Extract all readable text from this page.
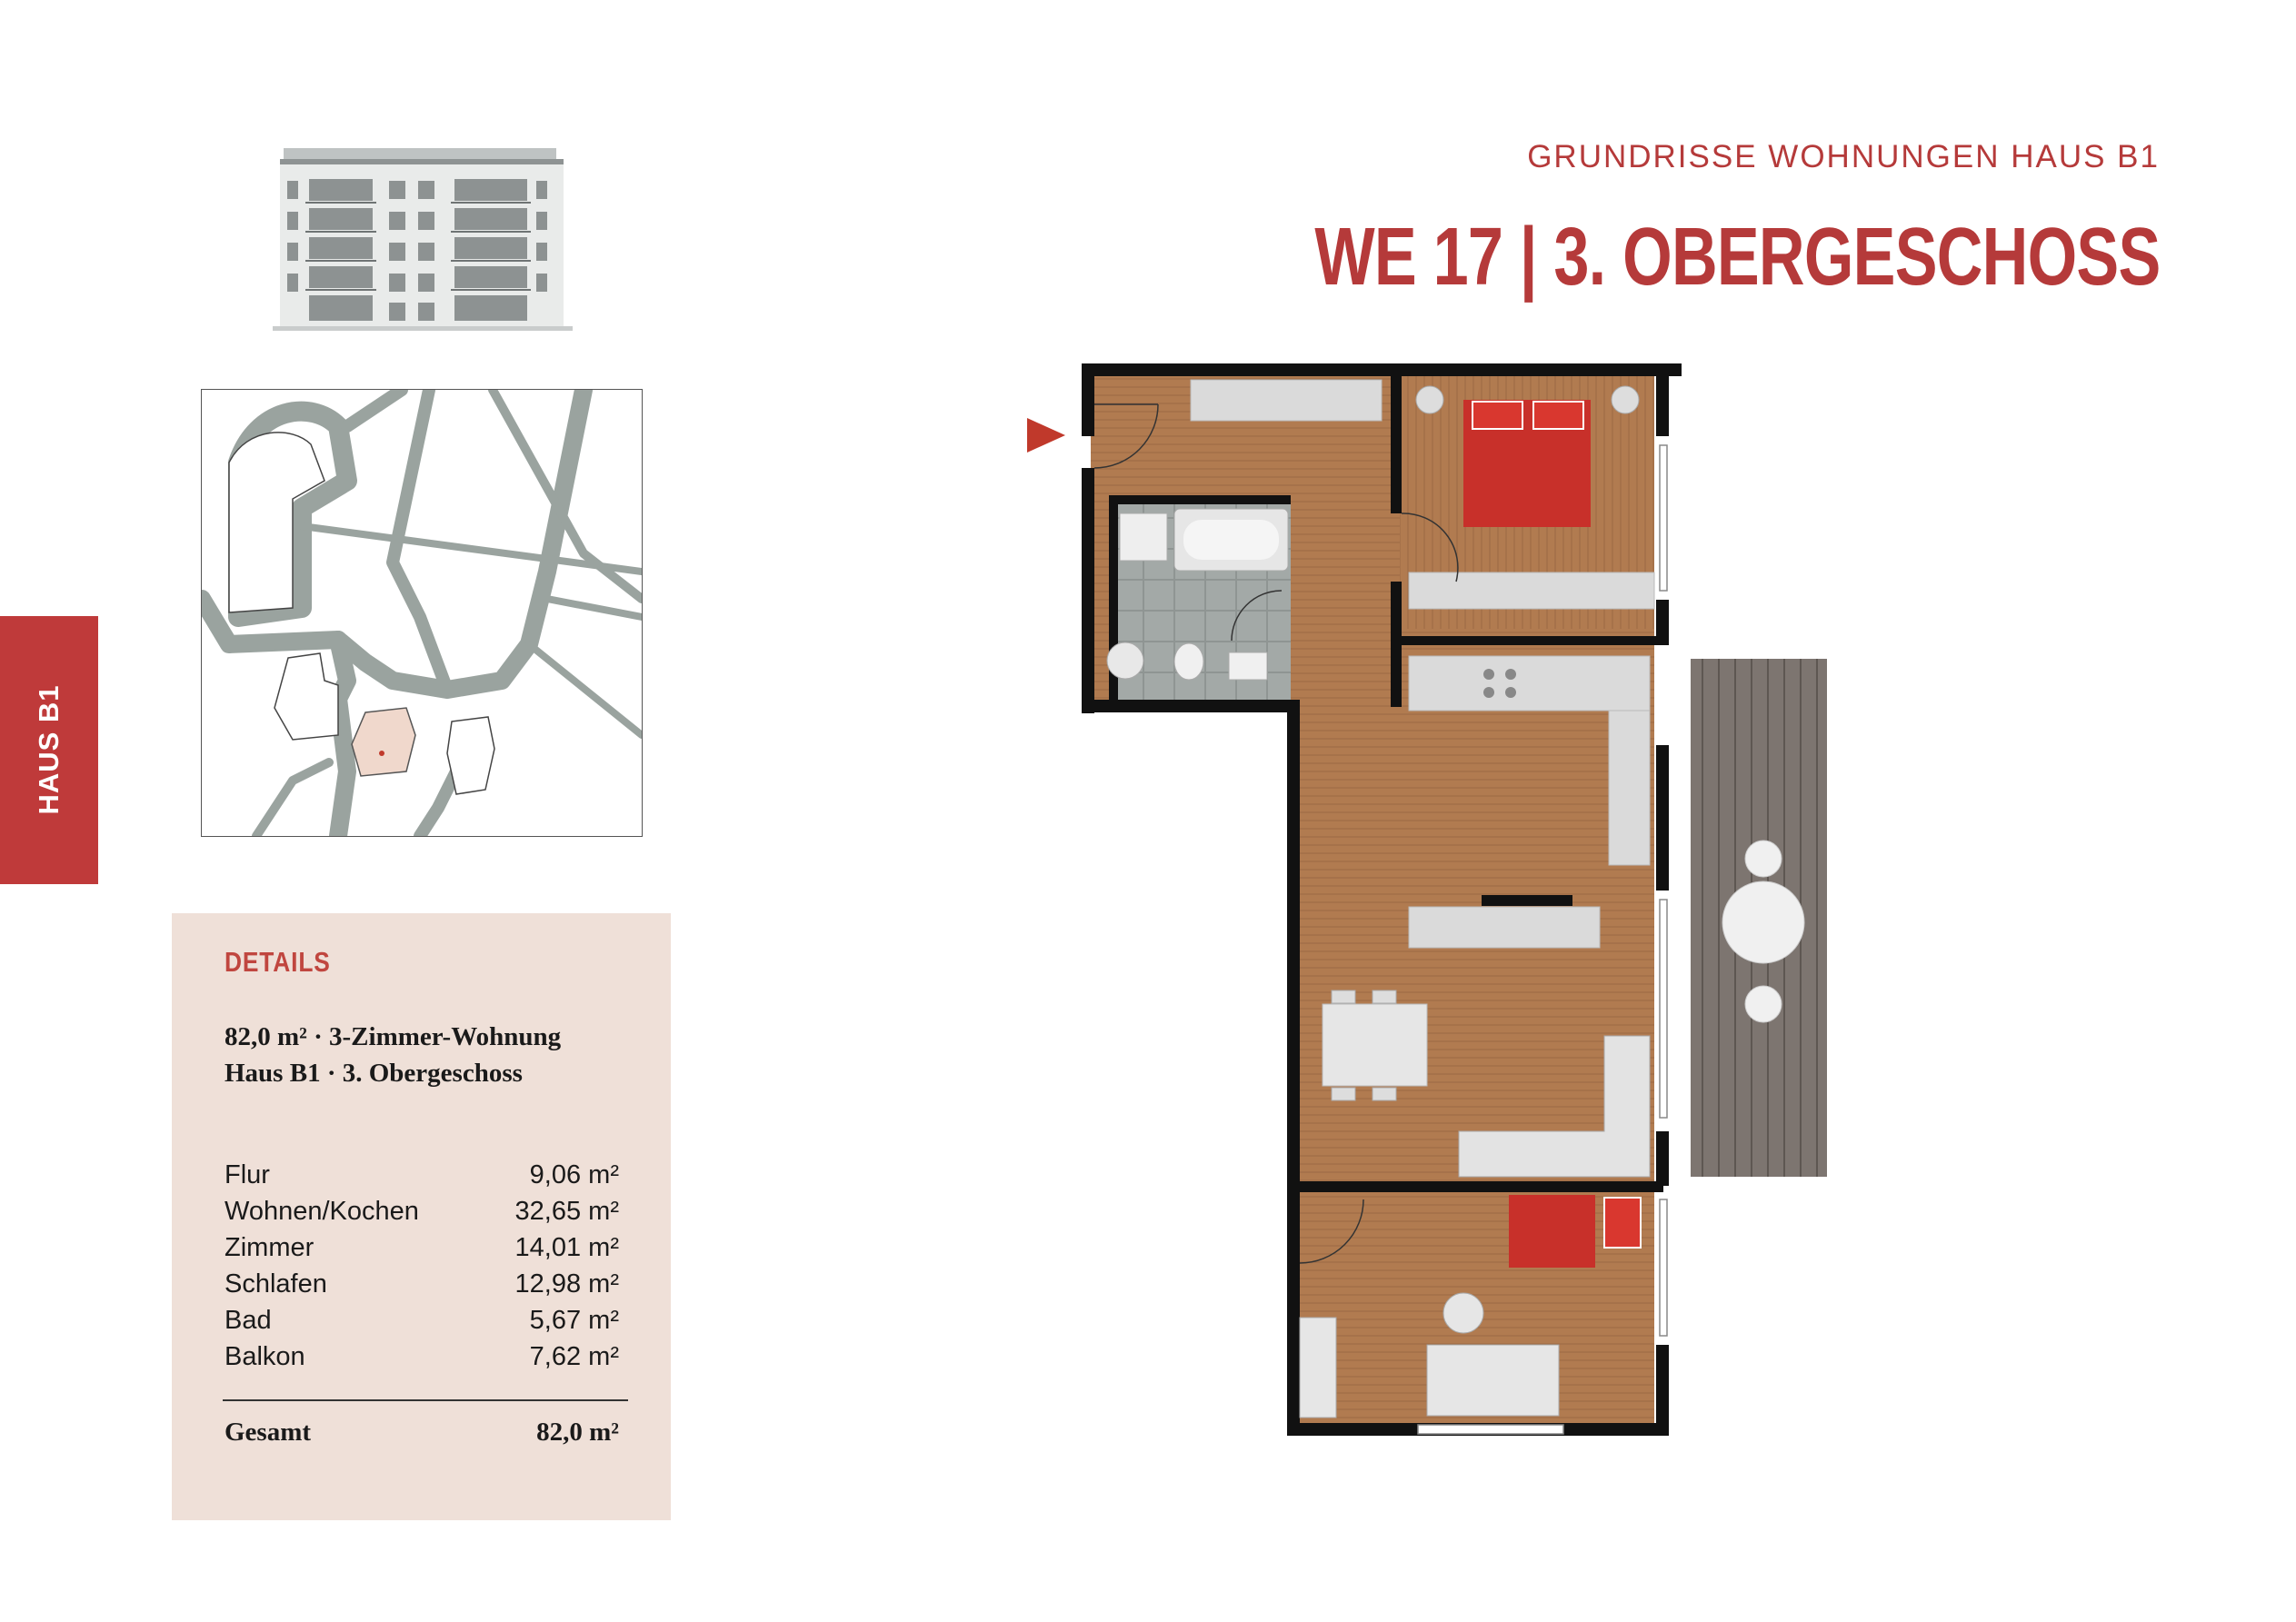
HAUS B1
GRUNDRISSE WOHNUNGEN HAUS B1
WE 17 | 3. OBERGESCHOSS
DETAILS
82,0 m² · 3-Zimmer-Wohnung
Haus B1 · 3. Obergeschoss
Flur	9,06 m²
Wohnen/Kochen	32,65 m²
Zimmer	14,01 m²
Schlafen	12,98 m²
Bad	5,67 m²
Balkon	7,62 m²
Gesamt	82,0 m²
